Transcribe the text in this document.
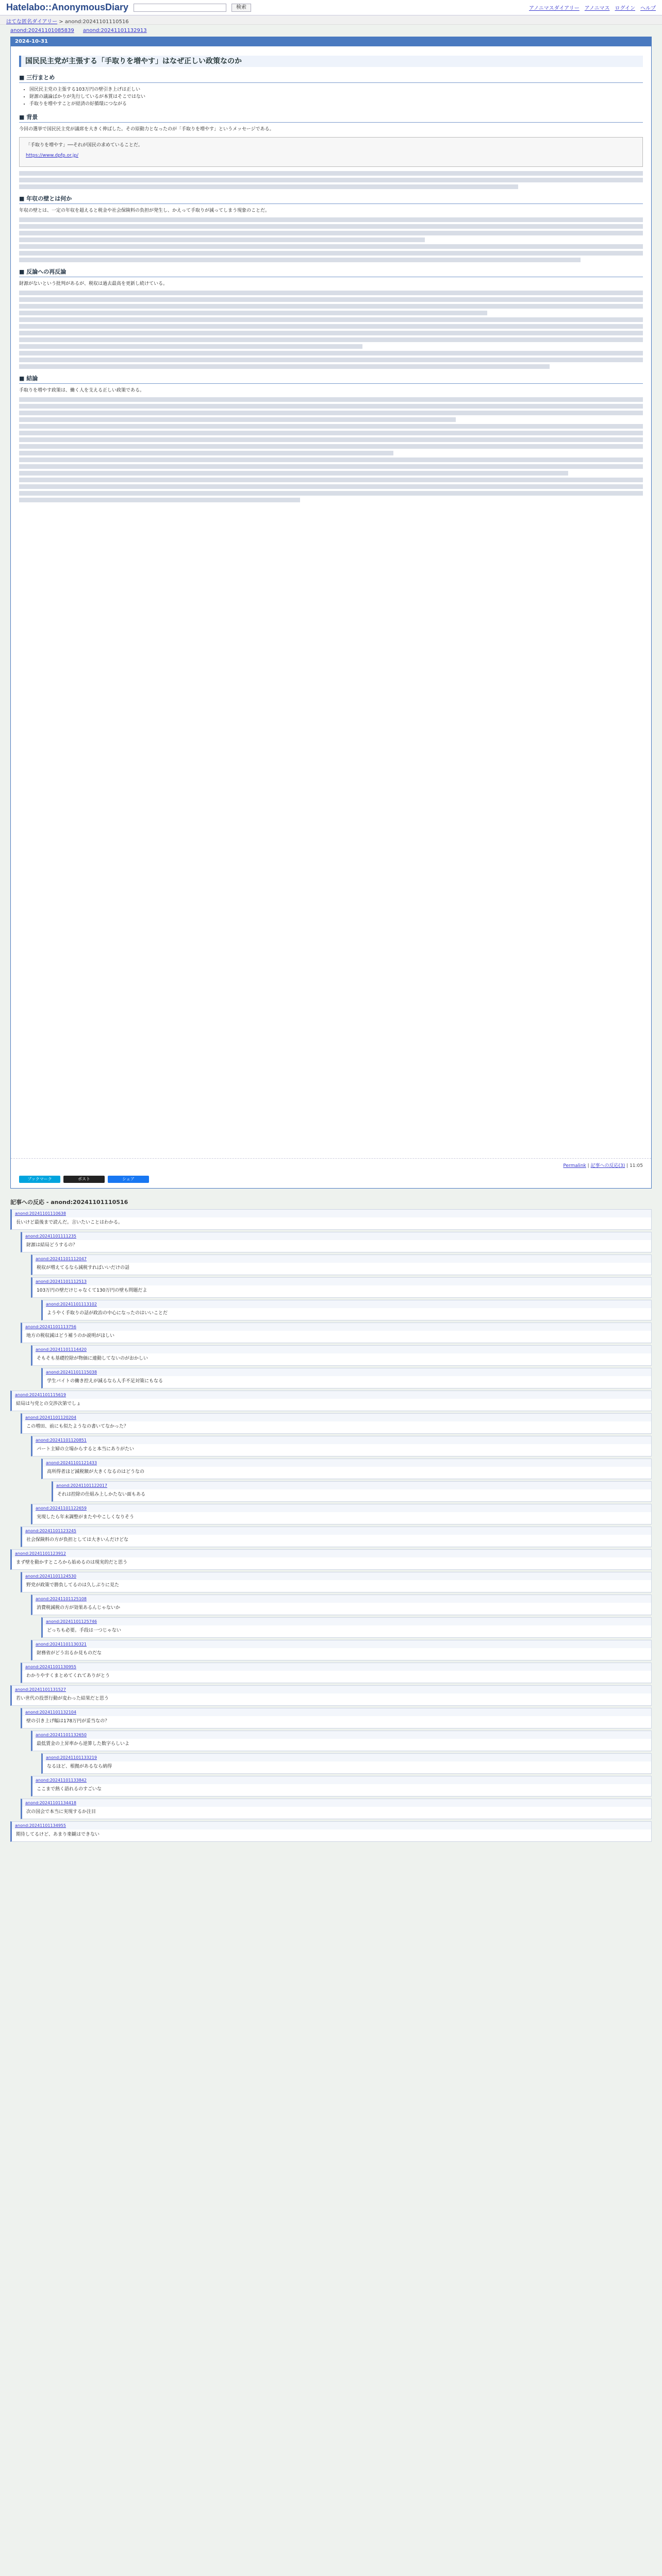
Hatelabo::AnonymousDiary	検索	アノニマスダイアリー アノニマス ログイン ヘルプ
はてな匿名ダイアリー > anond:20241101110516
anond:20241101085839 anond:20241101132913
2024-10-31
国民民主党が主張する「手取りを増やす」はなぜ正しい政策なのか
■ 三行まとめ
• 国民民主党の主張する103万円の壁引き上げは正しい
• 財源の議論ばかりが先行しているが本質はそこではない
• 手取りを増やすことが経済の好循環につながる
■ 背景

今回の選挙で国民民主党が議席を大きく伸ばした。その原動力となったのが「手取りを増やす」というメッセージである。

「手取りを増やす」──それが国民の求めていることだ。

https://www.dpfp.or.jp/

■ 年収の壁とは何か

年収の壁とは、一定の年収を超えると税金や社会保険料の負担が発生し、かえって手取りが減ってしまう現象のことだ。

■ 反論への再反論

財源がないという批判があるが、税収は過去最高を更新し続けている。

■ 結論

手取りを増やす政策は、働く人を支える正しい政策である。

Permalink | 記事への反応(3) | 11:05
ブックマーク	ポスト	シェア
記事への反応 - anond:20241101110516
anond:20241101110638
長いけど最後まで読んだ。言いたいことはわかる。
anond:20241101111235
財源は結局どうするの？
anond:20241101112047
税収が増えてるなら減税すればいいだけの話
anond:20241101112513
103万円の壁だけじゃなくて130万円の壁も問題だよ
anond:20241101113102
ようやく手取りの話が政治の中心になったのはいいことだ
anond:20241101113756
地方の税収減はどう補うのか説明がほしい
anond:20241101114420
そもそも基礎控除が物価に連動してないのがおかしい
anond:20241101115038
学生バイトの働き控えが減るなら人手不足対策にもなる
anond:20241101115619
結局は与党との交渉次第でしょ
anond:20241101120204
この増田、前にも似たようなの書いてなかった？
anond:20241101120851
パート主婦の立場からすると本当にありがたい
anond:20241101121433
高所得者ほど減税額が大きくなるのはどうなの
anond:20241101122017
それは控除の仕組み上しかたない面もある
anond:20241101122659
実現したら年末調整がまたややこしくなりそう
anond:20241101123245
社会保険料の方が負担としては大きいんだけどな
anond:20241101123912
まず壁を動かすところから始めるのは現実的だと思う
anond:20241101124530
野党が政策で勝負してるのは久しぶりに見た
anond:20241101125108
消費税減税の方が効果あるんじゃないか
anond:20241101125746
どっちも必要。手段は一つじゃない
anond:20241101130321
財務省がどう出るか見ものだな
anond:20241101130955
わかりやすくまとめてくれてありがとう
anond:20241101131527
若い世代の投票行動が変わった結果だと思う
anond:20241101132104
壁の引き上げ幅は178万円が妥当なの？
anond:20241101132650
最低賃金の上昇率から逆算した数字らしいよ
anond:20241101133219
なるほど、根拠があるなら納得
anond:20241101133842
ここまで熱く語れるのすごいな
anond:20241101134418
次の国会で本当に実現するか注目
anond:20241101134955
期待してるけど、あまり楽観はできない
